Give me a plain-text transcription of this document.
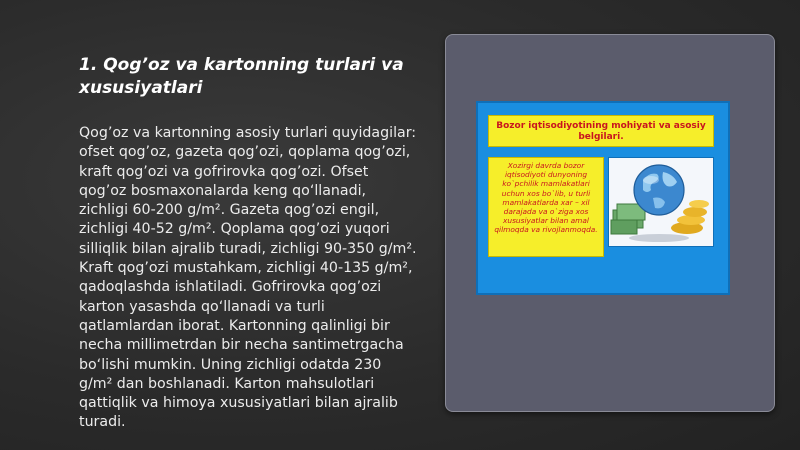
1. Qog’oz va kartonning turlari va xususiyatlari

Qog’oz va kartonning asosiy turlari quyidagilar: ofset qog’oz, gazeta qog’ozi, qoplama qog’ozi, kraft qog’ozi va gofrirovka qog’ozi. Ofset qog’oz bosmaxonalarda keng qo‘llanadi, zichligi 60-200 g/m². Gazeta qog’ozi engil, zichligi 40-52 g/m². Qoplama qog’ozi yuqori silliqlik bilan ajralib turadi, zichligi 90-350 g/m². Kraft qog’ozi mustahkam, zichligi 40-135 g/m², qadoqlashda ishlatiladi. Gofrirovka qog’ozi karton yasashda qo‘llanadi va turli qatlamlardan iborat. Kartonning qalinligi bir necha millimetrdan bir necha santimetrgacha bo‘lishi mumkin. Uning zichligi odatda 230 g/m² dan boshlanadi. Karton mahsulotlari qattiqlik va himoya xususiyatlari bilan ajralib turadi.

Bozor iqtisodiyotining mohiyati va asosiy belgilari.
Xozirgi davrda bozor iqtisodiyoti dunyoning ko`pchilik mamlakatlari uchun xos bo`lib, u turli mamlakatlarda xar – xil darajada va o`ziga xos xususiyatlar bilan amal qilmoqda va rivojlanmoqda.
